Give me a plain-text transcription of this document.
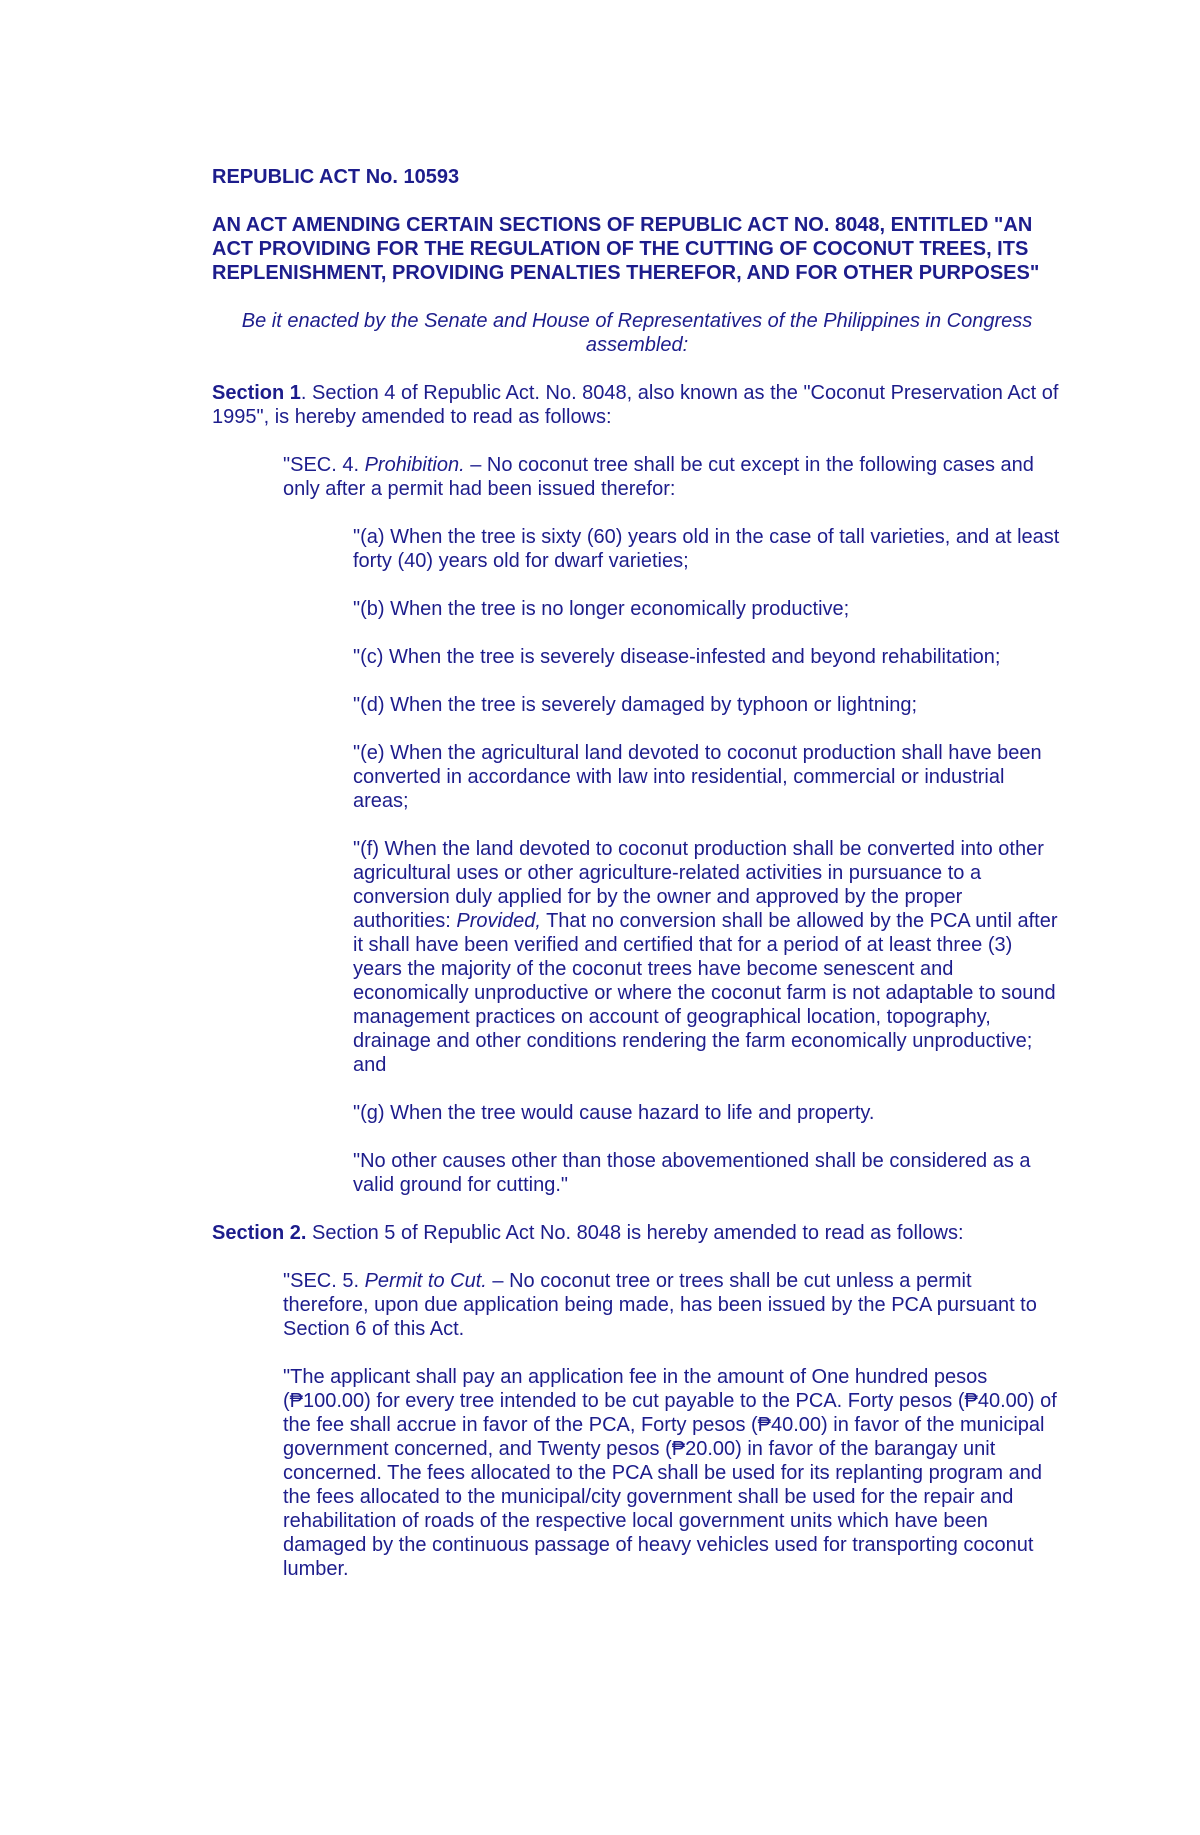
REPUBLIC ACT No. 10593

AN ACT AMENDING CERTAIN SECTIONS OF REPUBLIC ACT NO. 8048, ENTITLED "AN ACT PROVIDING FOR THE REGULATION OF THE CUTTING OF COCONUT TREES, ITS REPLENISHMENT, PROVIDING PENALTIES THEREFOR, AND FOR OTHER PURPOSES"

Be it enacted by the Senate and House of Representatives of the Philippines in Congress assembled:

Section 1. Section 4 of Republic Act. No. 8048, also known as the "Coconut Preservation Act of 1995", is hereby amended to read as follows:

"SEC. 4. Prohibition. – No coconut tree shall be cut except in the following cases and only after a permit had been issued therefor:

"(a) When the tree is sixty (60) years old in the case of tall varieties, and at least forty (40) years old for dwarf varieties;

"(b) When the tree is no longer economically productive;

"(c) When the tree is severely disease-infested and beyond rehabilitation;

"(d) When the tree is severely damaged by typhoon or lightning;

"(e) When the agricultural land devoted to coconut production shall have been converted in accordance with law into residential, commercial or industrial areas;

"(f) When the land devoted to coconut production shall be converted into other agricultural uses or other agriculture-related activities in pursuance to a conversion duly applied for by the owner and approved by the proper authorities: Provided, That no conversion shall be allowed by the PCA until after it shall have been verified and certified that for a period of at least three (3) years the majority of the coconut trees have become senescent and economically unproductive or where the coconut farm is not adaptable to sound management practices on account of geographical location, topography, drainage and other conditions rendering the farm economically unproductive; and

"(g) When the tree would cause hazard to life and property.

"No other causes other than those abovementioned shall be considered as a valid ground for cutting."

Section 2. Section 5 of Republic Act No. 8048 is hereby amended to read as follows:

"SEC. 5. Permit to Cut. – No coconut tree or trees shall be cut unless a permit therefore, upon due application being made, has been issued by the PCA pursuant to Section 6 of this Act.

"The applicant shall pay an application fee in the amount of One hundred pesos (₱100.00) for every tree intended to be cut payable to the PCA. Forty pesos (₱40.00) of the fee shall accrue in favor of the PCA, Forty pesos (₱40.00) in favor of the municipal government concerned, and Twenty pesos (₱20.00) in favor of the barangay unit concerned. The fees allocated to the PCA shall be used for its replanting program and the fees allocated to the municipal/city government shall be used for the repair and rehabilitation of roads of the respective local government units which have been damaged by the continuous passage of heavy vehicles used for transporting coconut lumber.
